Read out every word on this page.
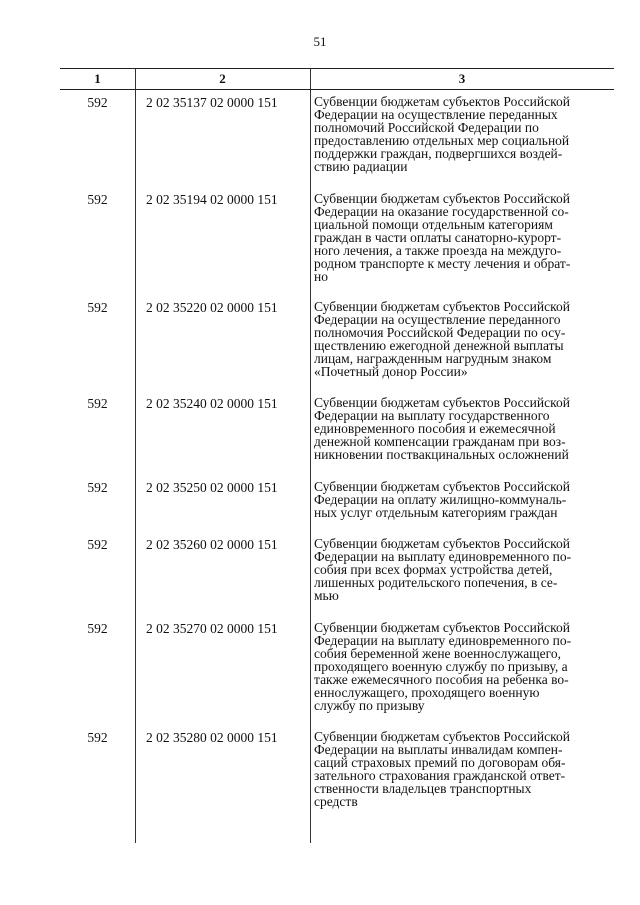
51
1	2	3
592	2 02 35137 02 0000 151	Субвенции бюджетам субъектов Российской
Федерации на осуществление переданных
полномочий Российской Федерации по
предоставлению отдельных мер социальной
поддержки граждан, подвергшихся воздей-
ствию радиации
592	2 02 35194 02 0000 151	Субвенции бюджетам субъектов Российской
Федерации на оказание государственной со-
циальной помощи отдельным категориям
граждан в части оплаты санаторно-курорт-
ного лечения, а также проезда на междуго-
родном транспорте к месту лечения и обрат-
но
592	2 02 35220 02 0000 151	Субвенции бюджетам субъектов Российской
Федерации на осуществление переданного
полномочия Российской Федерации по осу-
ществлению ежегодной денежной выплаты
лицам, награжденным нагрудным знаком
«Почетный донор России»
592	2 02 35240 02 0000 151	Субвенции бюджетам субъектов Российской
Федерации на выплату государственного
единовременного пособия и ежемесячной
денежной компенсации гражданам при воз-
никновении поствакцинальных осложнений
592	2 02 35250 02 0000 151	Субвенции бюджетам субъектов Российской
Федерации на оплату жилищно-коммуналь-
ных услуг отдельным категориям граждан
592	2 02 35260 02 0000 151	Субвенции бюджетам субъектов Российской
Федерации на выплату единовременного по-
собия при всех формах устройства детей,
лишенных родительского попечения, в се-
мью
592	2 02 35270 02 0000 151	Субвенции бюджетам субъектов Российской
Федерации на выплату единовременного по-
собия беременной жене военнослужащего,
проходящего военную службу по призыву, а
также ежемесячного пособия на ребенка во-
еннослужащего, проходящего военную
службу по призыву
592	2 02 35280 02 0000 151	Субвенции бюджетам субъектов Российской
Федерации на выплаты инвалидам компен-
саций страховых премий по договорам обя-
зательного страхования гражданской ответ-
ственности владельцев транспортных
средств
